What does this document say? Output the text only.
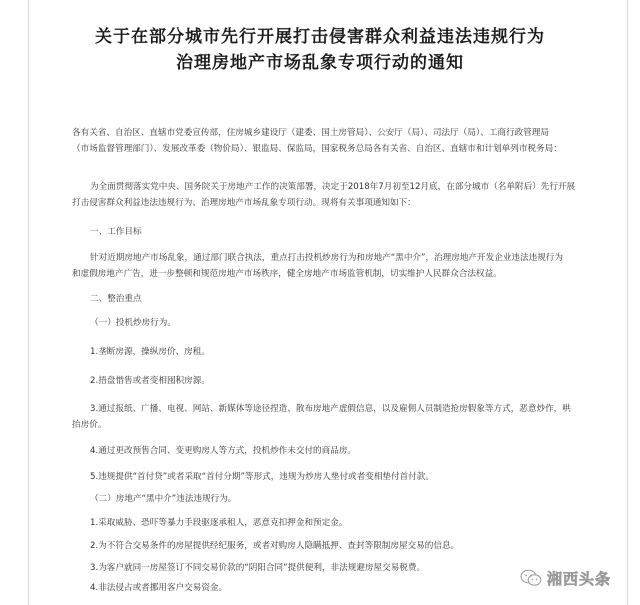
关于在部分城市先行开展打击侵害群众利益违法违规行为
治理房地产市场乱象专项行动的通知
各有关省、自治区、直辖市党委宣传部，住房城乡建设厅（建委、国土房管局）、公安厅（局）、司法厅（局）、工商行政管理局
（市场监督管理部门）、发展改革委（物价局）、银监局、保监局，国家税务总局各有关省、自治区、直辖市和计划单列市税务局：
为全面贯彻落实党中央、国务院关于房地产工作的决策部署，决定于2018年7月初至12月底，在部分城市（名单附后）先行开展
打击侵害群众利益违法违规行为、治理房地产市场乱象专项行动。现将有关事项通知如下：
一、工作目标
针对近期房地产市场乱象，通过部门联合执法，重点打击投机炒房行为和房地产“黑中介”，治理房地产开发企业违法违规行为
和虚假房地产广告，进一步整顿和规范房地产市场秩序，健全房地产市场监管机制，切实维护人民群众合法权益。
二、整治重点
（一）投机炒房行为。
1.垄断房源，操纵房价、房租。
2.捂盘惜售或者变相囤积房源。
3.通过报纸、广播、电视、网站、新媒体等途径捏造、散布房地产虚假信息，以及雇佣人员制造抢房假象等方式，恶意炒作，哄
抬房价。
4.通过更改预售合同、变更购房人等方式，投机炒作未交付的商品房。
5.违规提供“首付贷”或者采取“首付分期”等形式，违规为炒房人垫付或者变相垫付首付款。
（二）房地产“黑中介”违法违规行为。
1.采取威胁、恐吓等暴力手段驱逐承租人，恶意克扣押金和预定金。
2.为不符合交易条件的房屋提供经纪服务，或者对购房人隐瞒抵押、查封等限制房屋交易的信息。
3.为客户就同一房屋签订不同交易价款的“阴阳合同”提供便利，非法规避房屋交易税费。
4.非法侵占或者挪用客户交易资金。
湘西头条
